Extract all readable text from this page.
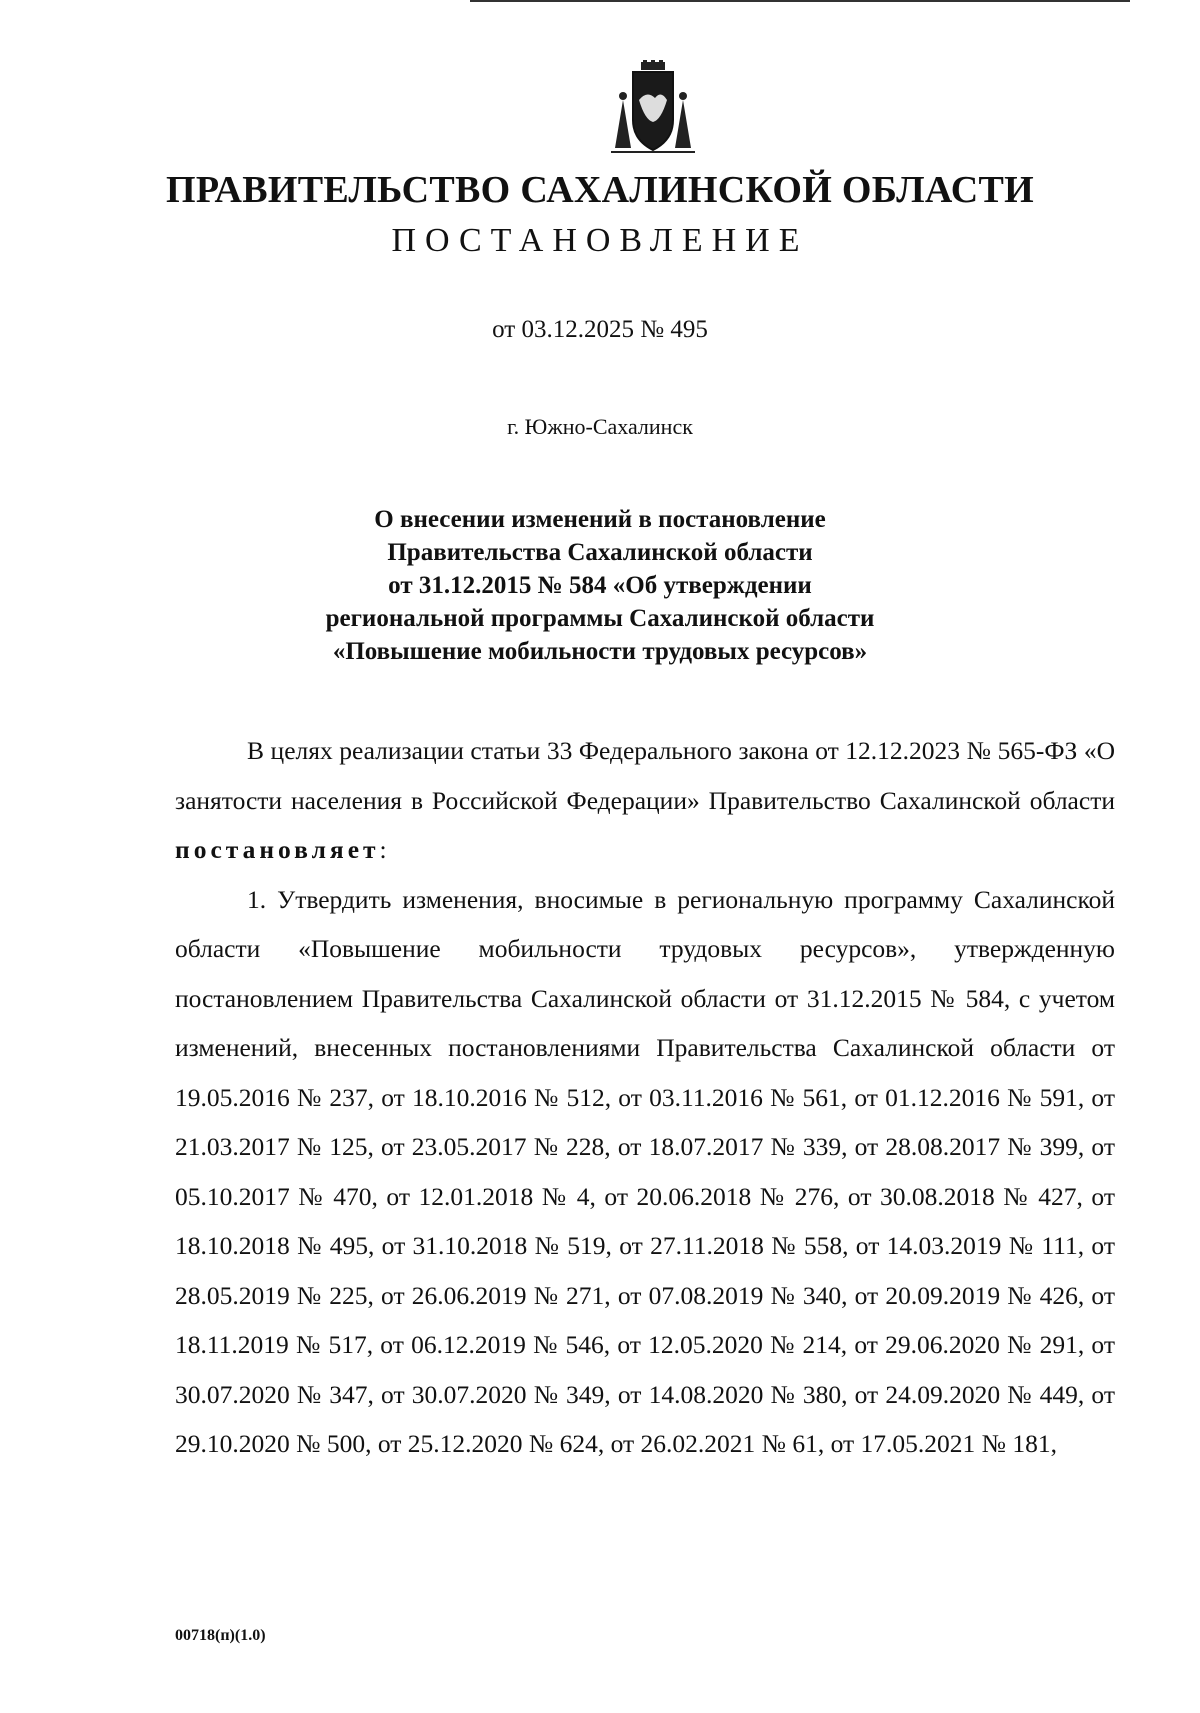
ПРАВИТЕЛЬСТВО САХАЛИНСКОЙ ОБЛАСТИ
ПОСТАНОВЛЕНИЕ
от 03.12.2025 № 495
г. Южно-Сахалинск
О внесении изменений в постановление
Правительства Сахалинской области
от 31.12.2015 № 584 «Об утверждении
региональной программы Сахалинской области
«Повышение мобильности трудовых ресурсов»

В целях реализации статьи 33 Федерального закона от 12.12.2023 № 565-ФЗ «О занятости населения в Российской Федерации» Правительство Сахалинской области постановляет:

1. Утвердить изменения, вносимые в региональную программу Сахалинской области «Повышение мобильности трудовых ресурсов», утвержденную постановлением Правительства Сахалинской области от 31.12.2015 № 584, с учетом изменений, внесенных постановлениями Правительства Сахалинской области от 19.05.2016 № 237, от 18.10.2016 № 512, от 03.11.2016 № 561, от 01.12.2016 № 591, от 21.03.2017 № 125, от 23.05.2017 № 228, от 18.07.2017 № 339, от 28.08.2017 № 399, от 05.10.2017 № 470, от 12.01.2018 № 4, от 20.06.2018 № 276, от 30.08.2018 № 427, от 18.10.2018 № 495, от 31.10.2018 № 519, от 27.11.2018 № 558, от 14.03.2019 № 111, от 28.05.2019 № 225, от 26.06.2019 № 271, от 07.08.2019 № 340, от 20.09.2019 № 426, от 18.11.2019 № 517, от 06.12.2019 № 546, от 12.05.2020 № 214, от 29.06.2020 № 291, от 30.07.2020 № 347, от 30.07.2020 № 349, от 14.08.2020 № 380, от 24.09.2020 № 449, от 29.10.2020 № 500, от 25.12.2020 № 624, от 26.02.2021 № 61, от 17.05.2021 № 181,

00718(п)(1.0)
